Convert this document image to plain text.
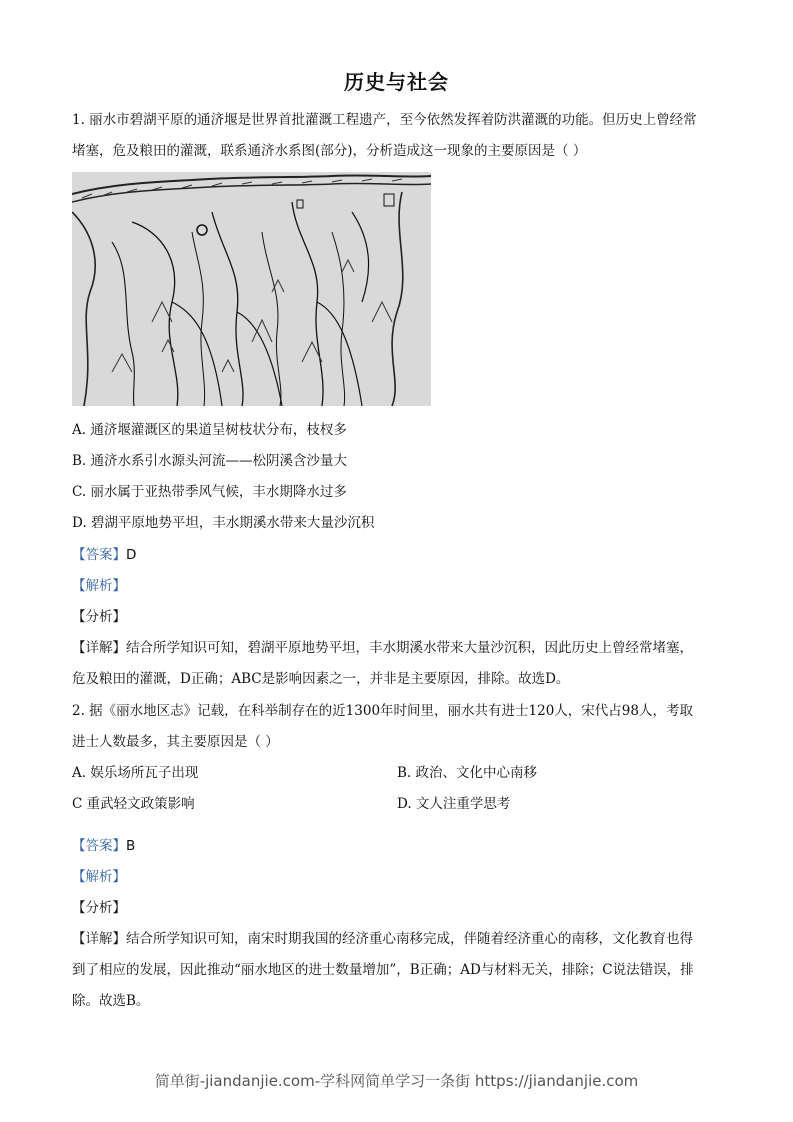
历史与社会
1. 丽水市碧湖平原的通济堰是世界首批灌溉工程遗产，至今依然发挥着防洪灌溉的功能。但历史上曾经常
堵塞，危及粮田的灌溉，联系通济水系图(部分)，分析造成这一现象的主要原因是（ ）
A. 通济堰灌溉区的果道呈树枝状分布，枝杈多
B. 通济水系引水源头河流——松阴溪含沙量大
C. 丽水属于亚热带季风气候，丰水期降水过多
D. 碧湖平原地势平坦，丰水期溪水带来大量沙沉积
【答案】D
【解析】
【分析】
【详解】结合所学知识可知，碧湖平原地势平坦，丰水期溪水带来大量沙沉积，因此历史上曾经常堵塞，
危及粮田的灌溉，D正确；ABC是影响因素之一，并非是主要原因，排除。故选D。
2. 据《丽水地区志》记载，在科举制存在的近1300年时间里，丽水共有进士120人，宋代占98人，考取
进士人数最多，其主要原因是（ ）
A. 娱乐场所瓦子出现	B. 政治、文化中心南移
C 重武轻文政策影响	D. 文人注重学思考
【答案】B
【解析】
【分析】
【详解】结合所学知识可知，南宋时期我国的经济重心南移完成，伴随着经济重心的南移，文化教育也得
到了相应的发展，因此推动“丽水地区的进士数量增加”，B正确；AD与材料无关，排除；C说法错误，排
除。故选B。
简单街-jiandanjie.com-学科网简单学习一条街 https://jiandanjie.com
